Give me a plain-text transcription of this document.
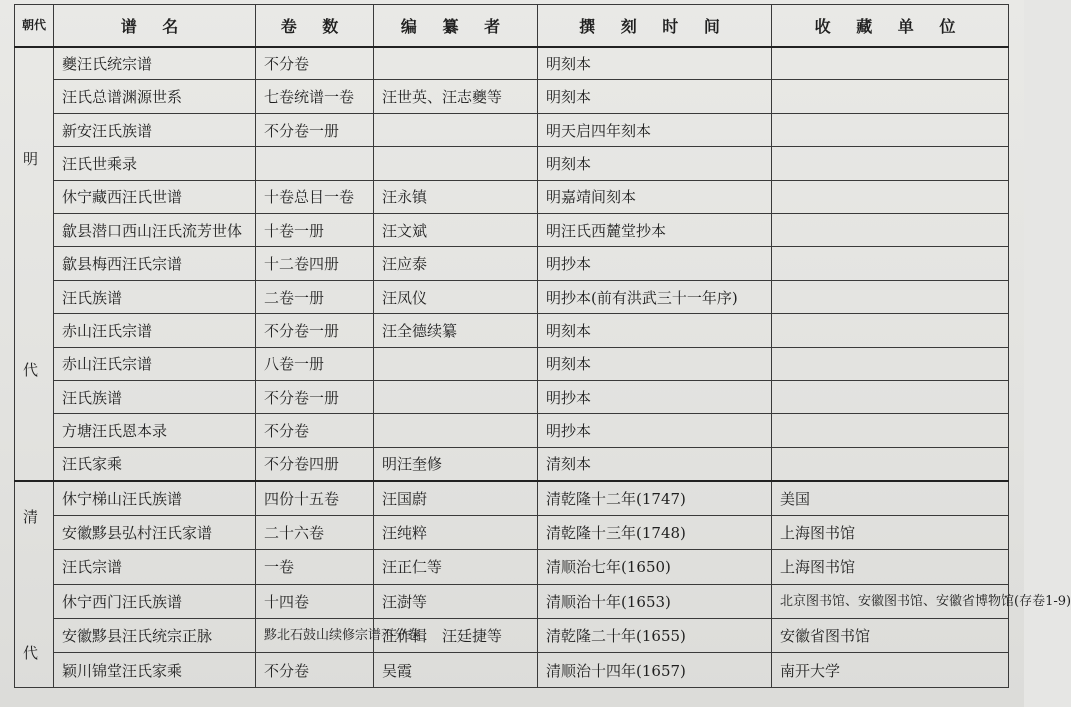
朝代	谱 名	卷 数	编 纂 者	撰 刻 时 间	收 藏 单 位

明
代	夔汪氏统宗谱	不分卷		明刻本	
	汪氏总谱渊源世系	七卷统谱一卷	汪世英、汪志夔等	明刻本	
	新安汪氏族谱	不分卷一册		明天启四年刻本	
	汪氏世乘录			明刻本	
	休宁藏西汪氏世谱	十卷总目一卷	汪永镇	明嘉靖间刻本	
	歙县潜口西山汪氏流芳世体	十卷一册	汪文斌	明汪氏西麓堂抄本	
	歙县梅西汪氏宗谱	十二卷四册	汪应泰	明抄本	
	汪氏族谱	二卷一册	汪凤仪	明抄本(前有洪武三十一年序)	
	赤山汪氏宗谱	不分卷一册	汪全德续纂	明刻本	
	赤山汪氏宗谱	八卷一册		明刻本	
	汪氏族谱	不分卷一册		明抄本	
	方塘汪氏恩本录	不分卷		明抄本	
	汪氏家乘	不分卷四册	明汪奎修	清刻本	

清
代	休宁梯山汪氏族谱	四份十五卷	汪国蔚	清乾隆十二年(1747)	美国
	安徽黟县弘村汪氏家谱	二十六卷	汪纯粹	清乾隆十三年(1748)	上海图书馆
	汪氏宗谱	一卷	汪正仁等	清顺治七年(1650)	上海图书馆
	休宁西门汪氏族谱	十四卷	汪澍等	清顺治十年(1653)	北京图书馆、安徽图书馆、安徽省博物馆(存卷1-9)
	安徽黟县汪氏统宗正脉	黟北石鼓山续修宗谱不分卷	汪作楫　汪廷捷等	清乾隆二十年(1655)	安徽省图书馆
	颖川锦堂汪氏家乘	不分卷	吴霞	清顺治十四年(1657)	南开大学
